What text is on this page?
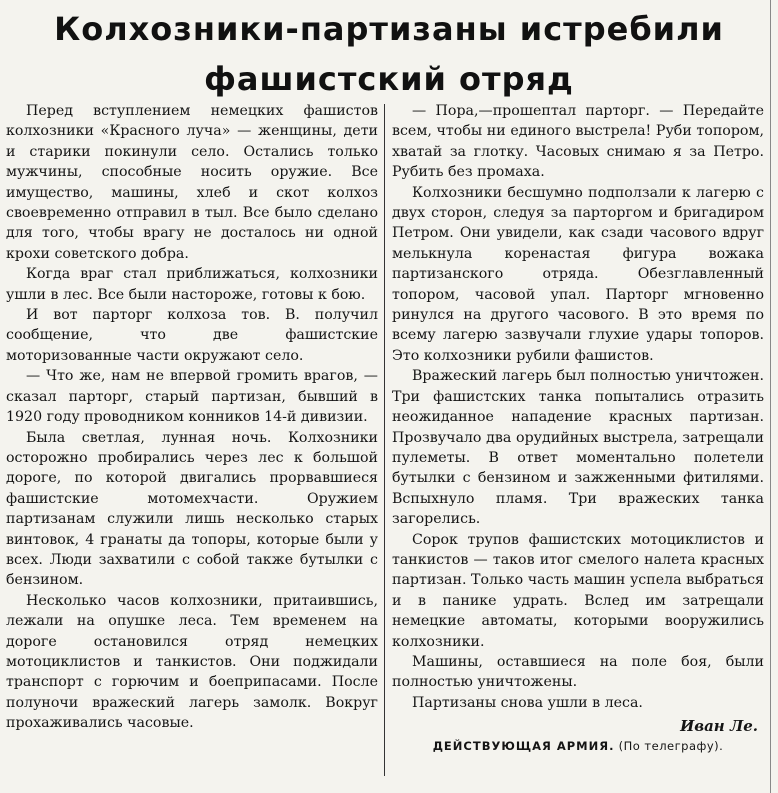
Колхозники-партизаны истребили
фашистский отряд

Перед вступлением немецких фашистов колхозники «Красного луча» — женщины, дети и старики покинули село. Остались только мужчины, способные носить оружие. Все имущество, машины, хлеб и скот колхоз своевременно отправил в тыл. Все было сделано для того, чтобы врагу не досталось ни одной крохи советского добра.

Когда враг стал приближаться, колхозники ушли в лес. Все были настороже, готовы к бою.

И вот парторг колхоза тов. В. получил сообщение, что две фашистские моторизованные части окружают село.

— Что же, нам не впервой громить врагов, — сказал парторг, старый партизан, бывший в 1920 году проводником конников 14-й дивизии.

Была светлая, лунная ночь. Колхозники осторожно пробирались через лес к большой дороге, по которой двигались прорвавшиеся фашистские мотомехчасти. Оружием партизанам служили лишь несколько старых винтовок, 4 гранаты да топоры, которые были у всех. Люди захватили с собой также бутылки с бензином.

Несколько часов колхозники, притаившись, лежали на опушке леса. Тем временем на дороге остановился отряд немецких мотоциклистов и танкистов. Они поджидали транспорт с горючим и боеприпасами. После полуночи вражеский лагерь замолк. Вокруг прохаживались часовые.

— Пора,—прошептал парторг. — Передайте всем, чтобы ни единого выстрела! Руби топором, хватай за глотку. Часовых снимаю я за Петро. Рубить без промаха.

Колхозники бесшумно подползали к лагерю с двух сторон, следуя за парторгом и бригадиром Петром. Они увидели, как сзади часового вдруг мелькнула коренастая фигура вожака партизанского отряда. Обезглавленный топором, часовой упал. Парторг мгновенно ринулся на другого часового. В это время по всему лагерю зазвучали глухие удары топоров. Это колхозники рубили фашистов.

Вражеский лагерь был полностью уничтожен. Три фашистских танка попытались отразить неожиданное нападение красных партизан. Прозвучало два орудийных выстрела, затрещали пулеметы. В ответ моментально полетели бутылки с бензином и зажженными фитилями. Вспыхнуло пламя. Три вражеских танка загорелись.

Сорок трупов фашистских мотоциклистов и танкистов — таков итог смелого налета красных партизан. Только часть машин успела выбраться и в панике удрать. Вслед им затрещали немецкие автоматы, которыми вооружились колхозники.

Машины, оставшиеся на поле боя, были полностью уничтожены.

Партизаны снова ушли в леса.

Иван Ле.
ДЕЙСТВУЮЩАЯ АРМИЯ. (По телеграфу).
